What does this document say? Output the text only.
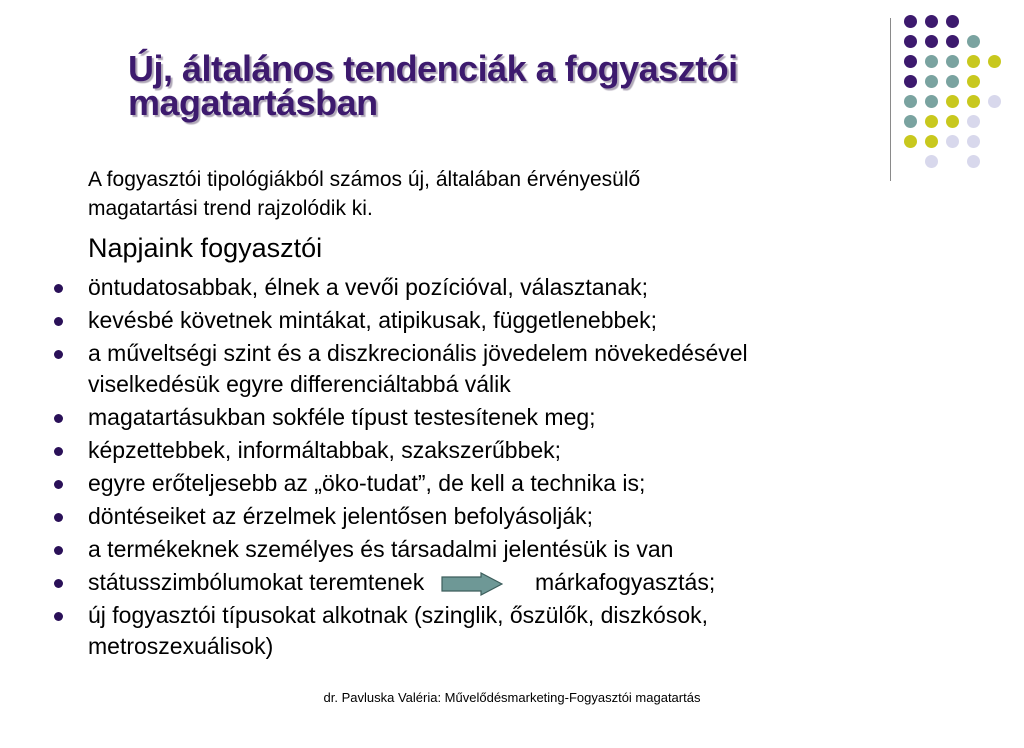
Új, általános tendenciák a fogyasztói
magatartásban
A fogyasztói tipológiákból számos új, általában érvényesülő
magatartási trend rajzolódik ki.
Napjaink fogyasztói
öntudatosabbak, élnek a vevői pozícióval, választanak;
kevésbé követnek mintákat, atipikusak, függetlenebbek;
a műveltségi szint és a diszkrecionális jövedelem növekedésével
viselkedésük egyre differenciáltabbá válik
magatartásukban sokféle típust testesítenek meg;
képzettebbek, informáltabbak, szakszerűbbek;
egyre erőteljesebb az „öko-tudat”, de kell a technika is;
döntéseiket az érzelmek jelentősen befolyásolják;
a termékeknek személyes és társadalmi jelentésük is van
státusszimbólumokat teremtenek	márkafogyasztás;
új fogyasztói típusokat alkotnak (szinglik, őszülők, diszkósok,
metroszexuálisok)
dr. Pavluska Valéria: Művelődésmarketing-Fogyasztói magatartás
